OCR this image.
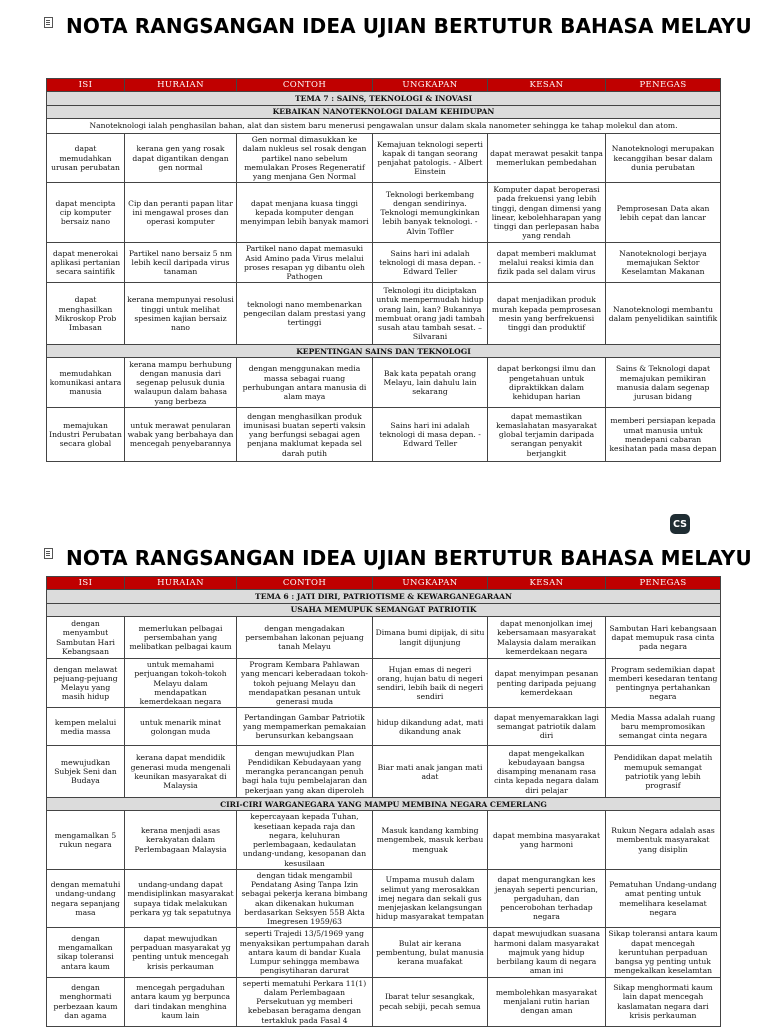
NOTA RANGSANGAN IDEA UJIAN BERTUTUR BAHASA MELAYU
ISI	HURAIAN	CONTOH	UNGKAPAN	KESAN	PENEGAS
TEMA 7 : SAINS, TEKNOLOGI & INOVASI					
KEBAIKAN NANOTEKNOLOGI DALAM KEHIDUPAN					
Nanoteknologi ialah penghasilan bahan, alat dan sistem baru menerusi pengawalan unsur dalam skala nanometer sehingga ke tahap molekul dan atom.					
dapat memudahkan urusan perubatan	kerana gen yang rosak dapat digantikan dengan gen normal	Gen normal dimasukkan ke dalam nukleus sel rosak dengan partikel nano sebelum memulakan Proses Regeneratif yang menjana Gen Normal	Kemajuan teknologi seperti kapak di tangan seorang penjahat patologis. - Albert Einstein	dapat merawat pesakit tanpa memerlukan pembedahan	Nanoteknologi merupakan kecanggihan besar dalam dunia perubatan
dapat mencipta cip komputer bersaiz nano	Cip dan peranti papan litar ini mengawal proses dan operasi komputer	dapat menjana kuasa tinggi kepada komputer dengan menyimpan lebih banyak mamori	Teknologi berkembang dengan sendirinya. Teknologi memungkinkan lebih banyak teknologi. - Alvin Toffler	Komputer dapat beroperasi pada frekuensi yang lebih tinggi, dengan dimensi yang linear, kebolehharapan yang tinggi dan perlepasan haba yang rendah	Pemprosesan Data akan lebih cepat dan lancar
dapat menerokai aplikasi pertanian secara saintifik	Partikel nano bersaiz 5 nm lebih kecil daripada virus tanaman	Partikel nano dapat memasuki Asid Amino pada Virus melalui proses resapan yg dibantu oleh Pathogen	Sains hari ini adalah teknologi di masa depan. - Edward Teller	dapat memberi maklumat melalui reaksi kimia dan fizik pada sel dalam virus	Nanoteknologi berjaya memajukan Sektor Keselamtan Makanan
dapat menghasilkan Mikroskop Prob Imbasan	kerana mempunyai resolusi tinggi untuk melihat spesimen kajian bersaiz nano	teknologi nano membenarkan pengecilan dalam prestasi yang tertinggi	Teknologi itu diciptakan untuk mempermudah hidup orang lain, kan? Bukannya membuat orang jadi tambah susah atau tambah sesat. – Silvarani	dapat menjadikan produk murah kepada pemprosesan mesin yang berfrekuensi tinggi dan produktif	Nanoteknologi membantu dalam penyelidikan saintifik
KEPENTINGAN SAINS DAN TEKNOLOGI					
memudahkan komunikasi antara manusia	kerana mampu berhubung dengan manusia dari segenap pelusuk dunia walaupun dalam bahasa yang berbeza	dengan menggunakan media massa sebagai ruang perhubungan antara manusia di alam maya	Bak kata pepatah orang Melayu, lain dahulu lain sekarang	dapat berkongsi ilmu dan pengetahuan untuk dipraktikkan dalam kehidupan harian	Sains & Teknologi dapat memajukan pemikiran manusia dalam segenap jurusan bidang
memajukan Industri Perubatan secara global	untuk merawat penularan wabak yang berbahaya dan mencegah penyebarannya	dengan menghasilkan produk imunisasi buatan seperti vaksin yang berfungsi sebagai agen penjana maklumat kepada sel darah putih	Sains hari ini adalah teknologi di masa depan. - Edward Teller	dapat memastikan kemaslahatan masyarakat global terjamin daripada serangan penyakit berjangkit	memberi persiapan kepada umat manusia untuk mendepani cabaran kesihatan pada masa depan
CS
NOTA RANGSANGAN IDEA UJIAN BERTUTUR BAHASA MELAYU
ISI	HURAIAN	CONTOH	UNGKAPAN	KESAN	PENEGAS
TEMA 6 : JATI DIRI, PATRIOTISME & KEWARGANEGARAAN					
USAHA MEMUPUK SEMANGAT PATRIOTIK					
dengan menyambut Sambutan Hari Kebangsaan	memerlukan pelbagai persembahan yang melibatkan pelbagai kaum	dengan mengadakan persembahan lakonan pejuang tanah Melayu	Dimana bumi dipijak, di situ langit dijunjung	dapat menonjolkan imej kebersamaan masyarakat Malaysia dalam meraikan kemerdekaan negara	Sambutan Hari kebangsaan dapat memupuk rasa cinta pada negara
dengan melawat pejuang-pejuang Melayu yang masih hidup	untuk memahami perjuangan tokoh-tokoh Melayu dalam mendapatkan kemerdekaan negara	Program Kembara Pahlawan yang mencari keberadaan tokoh-tokoh pejuang Melayu dan mendapatkan pesanan untuk generasi muda	Hujan emas di negeri orang, hujan batu di negeri sendiri, lebih baik di negeri sendiri	dapat menyimpan pesanan penting daripada pejuang kemerdekaan	Program sedemikian dapat memberi kesedaran tentang pentingnya pertahankan negara
kempen melalui media massa	untuk menarik minat golongan muda	Pertandingan Gambar Patriotik yang mempamerkan pemakaian berunsurkan kebangsaan	hidup dikandung adat, mati dikandung anak	dapat menyemarakkan lagi semangat patriotik dalam diri	Media Massa adalah ruang baru mempromosikan semangat cinta negara
mewujudkan Subjek Seni dan Budaya	kerana dapat mendidik generasi muda mengenali keunikan masyarakat di Malaysia	dengan mewujudkan Plan Pendidikan Kebudayaan yang merangka perancangan penuh bagi hala tuju pembelajaran dan pekerjaan yang akan diperoleh	Biar mati anak jangan mati adat	dapat mengekalkan kebudayaan bangsa disamping menanam rasa cinta kepada negara dalam diri pelajar	Pendidikan dapat melatih memupuk semangat patriotik yang lebih prograsif
CIRI-CIRI WARGANEGARA YANG MAMPU MEMBINA NEGARA CEMERLANG					
mengamalkan 5 rukun negara	kerana menjadi asas kerakyatan dalam Perlembagaan Malaysia	kepercayaan kepada Tuhan, kesetiaan kepada raja dan negara, keluhuran perlembagaan, kedaulatan undang-undang, kesopanan dan kesusilaan	Masuk kandang kambing mengembek, masuk kerbau menguak	dapat membina masyarakat yang harmoni	Rukun Negara adalah asas membentuk masyarakat yang disiplin
dengan mematuhi undang-undang negara sepanjang masa	undang-undang dapat mendisiplinkan masyarakat supaya tidak melakukan perkara yg tak sepatutnya	dengan tidak mengambil Pendatang Asing Tanpa Izin sebagai pekerja kerana bimbang akan dikenakan hukuman berdasarkan Seksyen 55B Akta Imegresen 1959/63	Umpama musuh dalam selimut yang merosakkan imej negara dan sekali gus menjejaskan kelangsungan hidup masyarakat tempatan	dapat mengurangkan kes jenayah seperti pencurian, pergaduhan, dan pencerobohan terhadap negara	Pematuhan Undang-undang amat penting untuk memelihara keselamat negara
dengan mengamalkan sikap toleransi antara kaum	dapat mewujudkan perpaduan masyarakat yg penting untuk mencegah krisis perkauman	seperti Trajedi 13/5/1969 yang menyaksikan pertumpahan darah antara kaum di bandar Kuala Lumpur sehingga membawa pengisytiharan darurat	Bulat air kerana pembentung, bulat manusia kerana muafakat	dapat mewujudkan suasana harmoni dalam masyarakat majmuk yang hidup berbilang kaum di negara aman ini	Sikap toleransi antara kaum dapat mencegah keruntuhan perpaduan bangsa yg penting untuk mengekalkan keselamtan
dengan menghormati perbezaan kaum dan agama	mencegah pergaduhan antara kaum yg berpunca dari tindakan menghina kaum lain	seperti mematuhi Perkara 11(1) dalam Perlembagaan Persekutuan yg memberi kebebasan beragama dengan tertakluk pada Fasal 4	Ibarat telur sesangkak, pecah sebiji, pecah semua	membolehkan masyarakat menjalani rutin harian dengan aman	Sikap menghormati kaum lain dapat mencegah kaslamatan negara dari krisis perkauman
